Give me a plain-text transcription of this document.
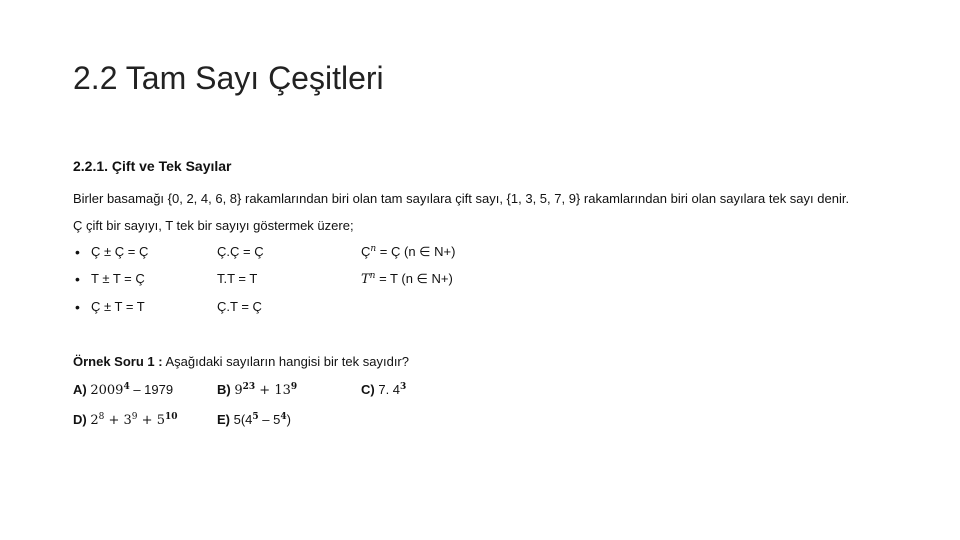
2.2 Tam Sayı Çeşitleri
2.2.1. Çift ve Tek Sayılar
Birler basamağı {0, 2, 4, 6, 8} rakamlarından biri olan tam sayılara çift sayı, {1, 3, 5, 7, 9} rakamlarından biri olan sayılara tek sayı denir.
Ç çift bir sayıyı, T tek bir sayıyı göstermek üzere;
• Ç ± Ç = Ç	Ç.Ç = Ç	$Ç^n$ = Ç (n ∈ N+)
• T ± T = Ç	T.T = T	$T^n = T$ (n ∈ N+)
• Ç ± T = T	Ç.T = Ç
Örnek Soru 1 : Aşağıdaki sayıların hangisi bir tek sayıdır?
A) 2009$^4$ – 1979	B) $9^{23} + 13^9$	C) 7. $4^3$
D) $2^8 + 3^9 + 5^{10}$	E) $5(4^5 - 5^4)$
